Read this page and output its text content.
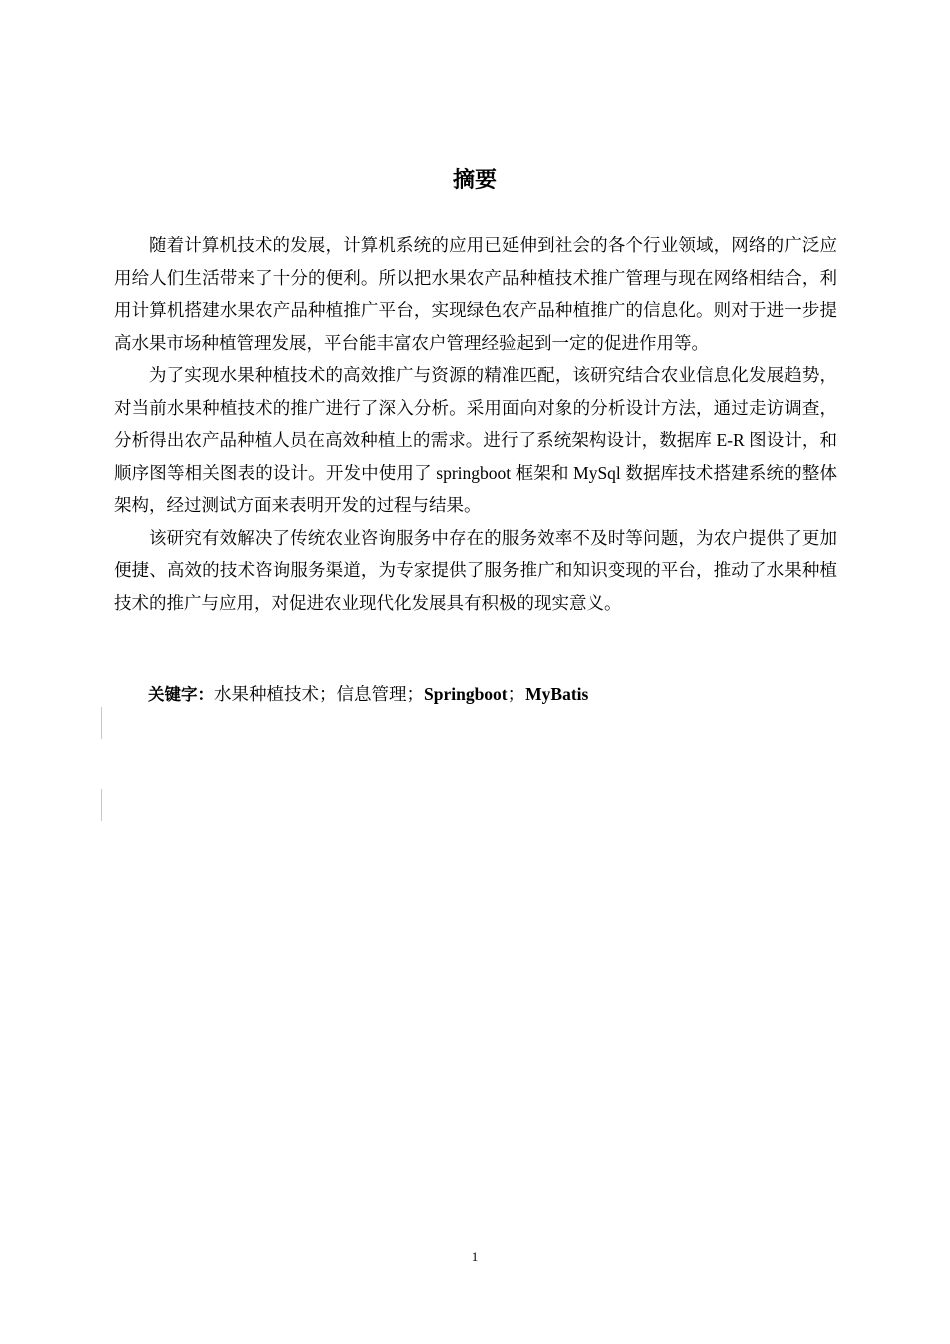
摘要

随着计算机技术的发展，计算机系统的应用已延伸到社会的各个行业领域，网络的广泛应用给人们生活带来了十分的便利。所以把水果农产品种植技术推广管理与现在网络相结合，利用计算机搭建水果农产品种植推广平台，实现绿色农产品种植推广的信息化。则对于进一步提高水果市场种植管理发展，平台能丰富农户管理经验起到一定的促进作用等。

为了实现水果种植技术的高效推广与资源的精准匹配，该研究结合农业信息化发展趋势，对当前水果种植技术的推广进行了深入分析。采用面向对象的分析设计方法，通过走访调查，分析得出农产品种植人员在高效种植上的需求。进行了系统架构设计，数据库 E-R 图设计，和顺序图等相关图表的设计。开发中使用了 springboot 框架和 MySql 数据库技术搭建系统的整体架构，经过测试方面来表明开发的过程与结果。

该研究有效解决了传统农业咨询服务中存在的服务效率不及时等问题，为农户提供了更加便捷、高效的技术咨询服务渠道，为专家提供了服务推广和知识变现的平台，推动了水果种植技术的推广与应用，对促进农业现代化发展具有积极的现实意义。

关键字：水果种植技术；信息管理；Springboot；MyBatis
1
